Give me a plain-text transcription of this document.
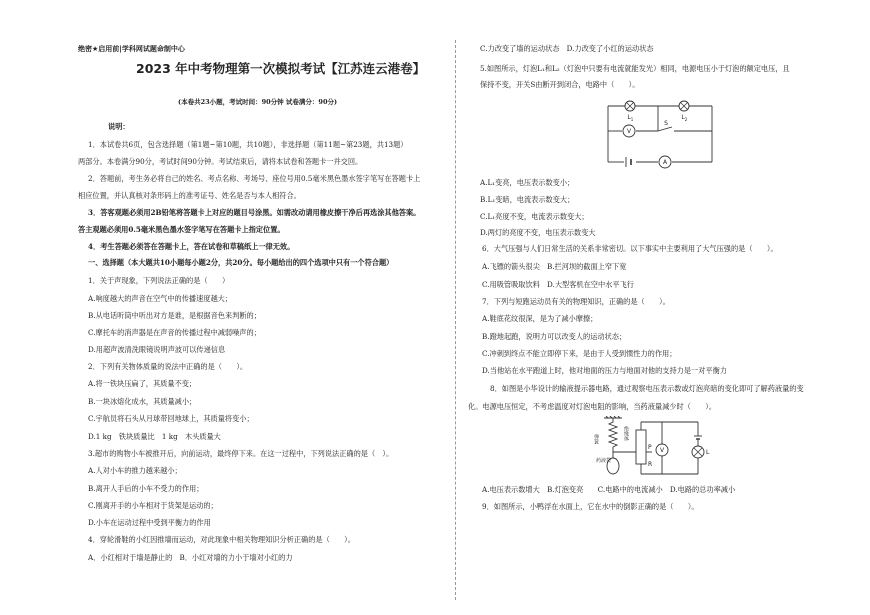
绝密★启用前|学科网试题命制中心
2023 年中考物理第一次模拟考试【江苏连云港卷】
(本卷共23小题，考试时间：90分钟 试卷满分：90分)
说明：
1．本试卷共6页，包含选择题（第1题~第10题，共10题），非选择题（第11题~第23题，共13题）
两部分。本卷满分90分，考试时间90分钟。考试结束后，请将本试卷和答题卡一并交回。
2．答题前，考生务必将自己的姓名、考点名称、考场号、座位号用0.5毫米黑色墨水签字笔写在答题卡上
相应位置，并认真核对条形码上的准考证号、姓名是否与本人相符合。
3．答客观题必须用2B铅笔将答题卡上对应的题目号涂黑。如需改动请用橡皮擦干净后再选涂其他答案。
答主观题必须用0.5毫米黑色墨水签字笔写在答题卡上指定位置。
4．考生答题必须答在答题卡上，答在试卷和草稿纸上一律无效。
一、选择题（本大题共10小题每小题2分，共20分。每小题给出的四个选项中只有一个符合题）
1．关于声现象，下列说法正确的是（　　）
A.响度越大的声音在空气中的传播速度越大；
B.从电话听筒中听出对方是谁，是根据音色来判断的；
C.摩托车的消声器是在声音的传播过程中减弱噪声的；
D.用超声波清洗眼镜说明声波可以传递信息
2．下列有关物体质量的说法中正确的是（　　）。
A.将一铁块压扁了，其质量不变；
B.一块冰熔化成水，其质量减小；
C.宇航员将石头从月球带回地球上，其质量将变小；
D.1 kg　铁块质量比　1 kg　木头质量大
3.超市的购物小车被推开后，向前运动，最终停下来。在这一过程中，下列说法正确的是（　）。
A.人对小车的推力越来越小；
B.离开人手后的小车不受力的作用；
C.刚离开手的小车相对于货架是运动的；
D.小车在运动过程中受到平衡力的作用
4．穿轮滑鞋的小红因推墙而运动，对此现象中相关物理知识分析正确的是（　　）。
A．小红相对于墙是静止的　B．小红对墙的力小于墙对小红的力
C.力改变了墙的运动状态　D.力改变了小红的运动状态
5.如图所示，灯泡L₁和L₂（灯泡中只要有电流就能发光）相同，电源电压小于灯泡的额定电压，且
保持不变，开关S由断开到闭合，电路中（　　）。
A.L₁变亮，电压表示数变小；
B.L₁变暗，电流表示数变大；
C.L₁亮度不变，电流表示数变大；
D.两灯的亮度不变，电压表示数变大
6．大气压强与人们日常生活的关系非常密切。以下事实中主要利用了大气压强的是（　　）。
A.飞镖的箭头很尖　B.拦河坝的截面上窄下宽
C.用吸管吸取饮料　D.大型客机在空中水平飞行
7．下列与短跑运动员有关的物理知识，正确的是（　　）。
A.鞋底花纹很深，是为了减小摩擦；
B.蹬地起跑，说明力可以改变人的运动状态；
C.冲刺到终点不能立即停下来，是由于人受到惯性力的作用；
D.当他站在水平跑道上时，他对地面的压力与地面对他的支持力是一对平衡力
8．如图是小华设计的输液提示器电路，通过观察电压表示数或灯泡亮暗的变化即可了解药液量的变
化。电源电压恒定，不考虑温度对灯泡电阻的影响，当药液量减少时（　　）。
A.电压表示数增大　B.灯泡变亮　　C.电路中的电流减小　D.电路的总功率减小
9．如图所示，小鸭浮在水面上，它在水中的倒影正确的是（　　）。
L 1	L 2
S
V
A
弹簧	绝缘体
药液袋
P
R
V	L
